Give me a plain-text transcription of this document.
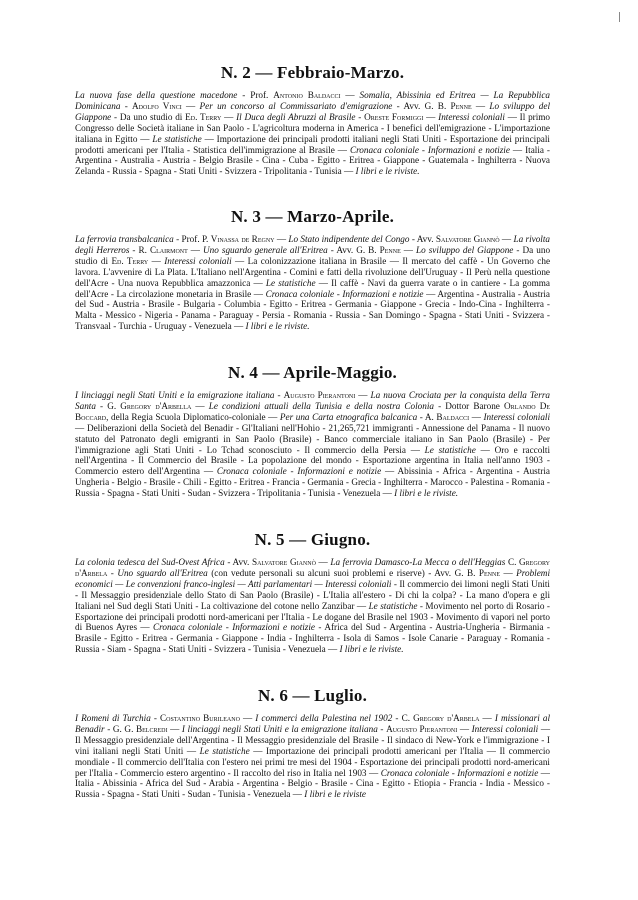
N. 2 — Febbraio-Marzo.

La nuova fase della questione macedone - Prof. Antonio Baldacci — Somalia, Abissinia ed Eritrea — La Repubblica Dominicana - Adolfo Vinci — Per un concorso al Commissariato d'emigrazione - Avv. G. B. Penne — Lo sviluppo del Giappone - Da uno studio di Ed. Terry — Il Duca degli Abruzzi al Brasile - Oreste Formiggi — Interessi coloniali — Il primo Congresso delle Società italiane in San Paolo - L'agricoltura moderna in America - I benefici dell'emigrazione - L'importazione italiana in Egitto — Le statistiche — Importazione dei principali prodotti italiani negli Stati Uniti - Esportazione dei principali prodotti americani per l'Italia - Statistica dell'immigrazione al Brasile — Cronaca coloniale - Informazioni e notizie — Italia - Argentina - Australia - Austria - Belgio Brasile - Cina - Cuba - Egitto - Eritrea - Giappone - Guatemala - Inghilterra - Nuova Zelanda - Russia - Spagna - Stati Uniti - Svizzera - Tripolitania - Tunisia — I libri e le riviste.

N. 3 — Marzo-Aprile.

La ferrovia transbalcanica - Prof. P. Vinassa de Regny — Lo Stato indipendente del Congo - Avv. Salvatore Giannò — La rivolta degli Herreros - R. Clairmont — Uno sguardo generale all'Eritrea - Avv. G. B. Penne — Lo sviluppo del Giappone - Da uno studio di Ed. Terry — Interessi coloniali — La colonizzazione italiana in Brasile — Il mercato del caffè - Un Governo che lavora. L'avvenire di La Plata. L'Italiano nell'Argentina - Comini e fatti della rivoluzione dell'Uruguay - Il Perù nella questione dell'Acre - Una nuova Repubblica amazzonica — Le statistiche — Il caffè - Navi da guerra varate o in cantiere - La gomma dell'Acre - La circolazione monetaria in Brasile — Cronaca coloniale - Informazioni e notizie — Argentina - Australia - Austria del Sud - Austria - Brasile - Bulgaria - Columbia - Egitto - Eritrea - Germania - Giappone - Grecia - Indo-Cina - Inghilterra - Malta - Messico - Nigeria - Panama - Paraguay - Persia - Romania - Russia - San Domingo - Spagna - Stati Uniti - Svizzera - Transvaal - Turchia - Uruguay - Venezuela — I libri e le riviste.

N. 4 — Aprile-Maggio.

I linciaggi negli Stati Uniti e la emigrazione italiana - Augusto Pierantoni — La nuova Crociata per la conquista della Terra Santa - G. Gregory d'Arbella — Le condizioni attuali della Tunisia e della nostra Colonia - Dottor Barone Orlando De Boccard, della Regia Scuola Diplomatico-coloniale — Per una Carta etnografica balcanica - A. Baldacci — Interessi coloniali — Deliberazioni della Società del Benadir - Gl'Italiani nell'Hohio - 21,265,721 immigranti - Annessione del Panama - Il nuovo statuto del Patronato degli emigranti in San Paolo (Brasile) - Banco commerciale italiano in San Paolo (Brasile) - Per l'immigrazione agli Stati Uniti - Lo Tchad sconosciuto - Il commercio della Persia — Le statistiche — Oro e raccolti nell'Argentina - Il Commercio del Brasile - La popolazione del mondo - Esportazione argentina in Italia nell'anno 1903 - Commercio estero dell'Argentina — Cronaca coloniale - Informazioni e notizie — Abissinia - Africa - Argentina - Austria Ungheria - Belgio - Brasile - Chili - Egitto - Eritrea - Francia - Germania - Grecia - Inghilterra - Marocco - Palestina - Romania - Russia - Spagna - Stati Uniti - Sudan - Svizzera - Tripolitania - Tunisia - Venezuela — I libri e le riviste.

N. 5 — Giugno.

La colonia tedesca del Sud-Ovest Africa - Avv. Salvatore Giannò — La ferrovia Damasco-La Mecca o dell'Heggias C. Gregory d'Arbela - Uno sguardo all'Eritrea (con vedute personali su alcuni suoi problemi e riserve) - Avv. G. B. Penne — Problemi economici — Le convenzioni franco-inglesi — Atti parlamentari — Interessi coloniali - Il commercio dei limoni negli Stati Uniti - Il Messaggio presidenziale dello Stato di San Paolo (Brasile) - L'Italia all'estero - Di chi la colpa? - La mano d'opera e gli Italiani nel Sud degli Stati Uniti - La coltivazione del cotone nello Zanzibar — Le statistiche - Movimento nel porto di Rosario - Esportazione dei principali prodotti nord-americani per l'Italia - Le dogane del Brasile nel 1903 - Movimento di vapori nel porto di Buenos Ayres — Cronaca coloniale - Informazioni e notizie - Africa del Sud - Argentina - Austria-Ungheria - Birmania - Brasile - Egitto - Eritrea - Germania - Giappone - India - Inghilterra - Isola di Samos - Isole Canarie - Paraguay - Romania - Russia - Siam - Spagna - Stati Uniti - Svizzera - Tunisia - Venezuela — I libri e le riviste.

N. 6 — Luglio.

I Romeni di Turchia - Costantino Burileano — I commerci della Palestina nel 1902 - C. Gregory d'Arbela — I missionari al Benadir - G. G. Belcredi — I linciaggi negli Stati Uniti e la emigrazione italiana - Augusto Pierantoni — Interessi coloniali — Il Messaggio presidenziale dell'Argentina - Il Messaggio presidenziale del Brasile - Il sindaco di New-York e l'immigrazione - I vini italiani negli Stati Uniti — Le statistiche — Importazione dei principali prodotti americani per l'Italia — Il commercio mondiale - Il commercio dell'Italia con l'estero nei primi tre mesi del 1904 - Esportazione dei principali prodotti nord-americani per l'Italia - Commercio estero argentino - Il raccolto del riso in Italia nel 1903 — Cronaca coloniale - Informazioni e notizie — Italia - Abissinia - Africa del Sud - Arabia - Argentina - Belgio - Brasile - Cina - Egitto - Etiopia - Francia - India - Messico - Russia - Spagna - Stati Uniti - Sudan - Tunisia - Venezuela — I libri e le riviste
